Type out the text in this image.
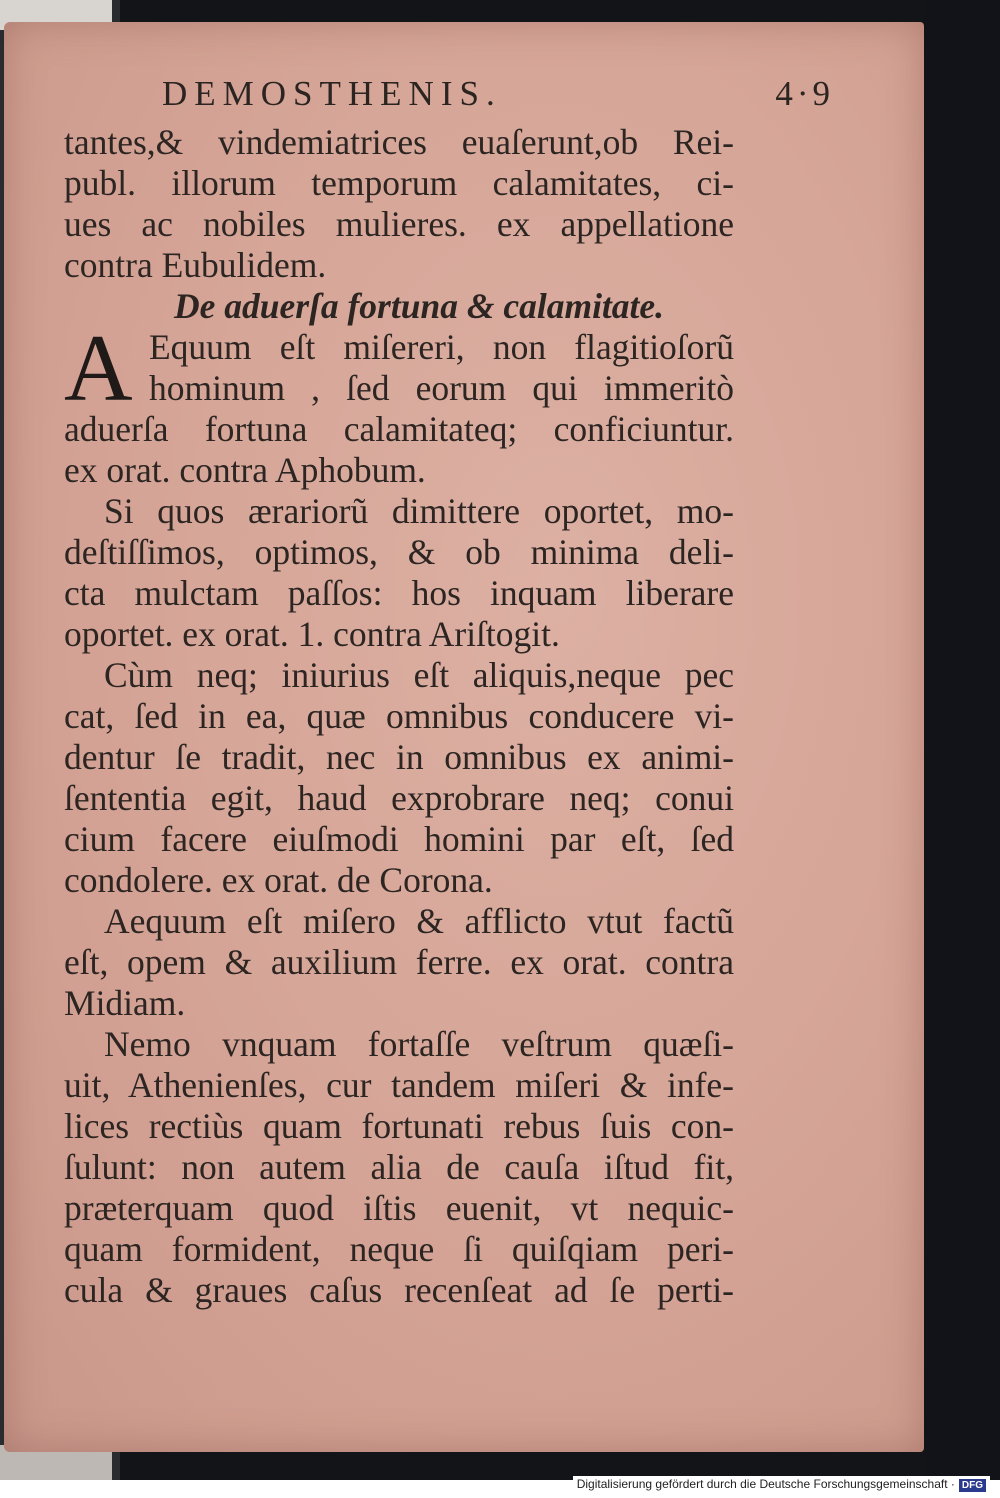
DEMOSTHENIS.	4·9
tantes,& vindemiatrices euaſerunt,ob Rei-
publ. illorum temporum calamitates, ci-
ues ac nobiles mulieres. ex appellatione
contra Eubulidem.
De aduerſa fortuna & calamitate.
A Equum eſt miſereri, non flagitioſorũ
hominum , ſed eorum qui immeritò
aduerſa fortuna calamitateq; conficiuntur.
ex orat. contra Aphobum.
Si quos ærariorũ dimittere oportet, mo-
deſtiſſimos, optimos, & ob minima deli-
cta mulctam paſſos: hos inquam liberare
oportet. ex orat. 1. contra Ariſtogit.
Cùm neq; iniurius eſt aliquis,neque pec
cat, ſed in ea, quæ omnibus conducere vi-
dentur ſe tradit, nec in omnibus ex animi-
ſententia egit, haud exprobrare neq; conui
cium facere eiuſmodi homini par eſt, ſed
condolere. ex orat. de Corona.
Aequum eſt miſero & afflicto vtut factũ
eſt, opem & auxilium ferre. ex orat. contra
Midiam.
Nemo vnquam fortaſſe veſtrum quæſi-
uit, Athenienſes, cur tandem miſeri & infe-
lices rectiùs quam fortunati rebus ſuis con-
ſulunt: non autem alia de cauſa iſtud fit,
præterquam quod iſtis euenit, vt nequic-
quam formident, neque ſi quiſqiam peri-
cula & graues caſus recenſeat ad ſe perti-
Digitalisierung gefördert durch die Deutsche Forschungsgemeinschaft · DFG
